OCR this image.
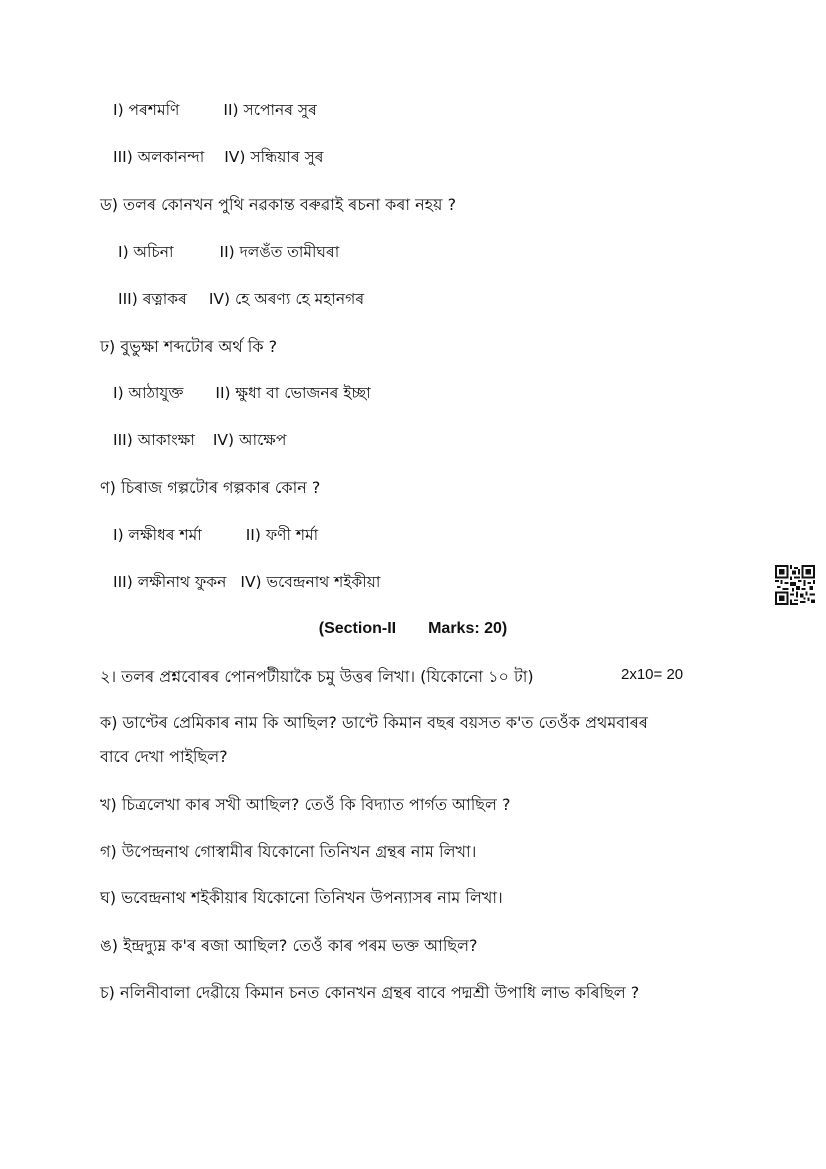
I) পৰশমণি	II) সপোনৰ সুৰ
III) অলকানন্দা IV) সন্ধিয়াৰ সুৰ
ড) তলৰ কোনখন পুথি নৱকান্ত বৰুৱাই ৰচনা কৰা নহয় ?
I) অচিনা	II) দলঙঁত তামীঘৰা
III) ৰত্নাকৰ IV) হে অৰণ্য হে মহানগৰ
ঢ) বুভুক্ষা শব্দটোৰ অৰ্থ কি ?
I) আঠাযুক্ত II) ক্ষুধা বা ভোজনৰ ইচ্ছা
III) আকাংক্ষা IV) আক্ষেপ
ণ) চিৰাজ গল্পটোৰ গল্পকাৰ কোন ?
I) লক্ষীধৰ শৰ্মা	II) ফণী শৰ্মা
III) লক্ষীনাথ ফুকন IV) ভবেন্দ্ৰনাথ শইকীয়া
(Section-II Marks: 20)
২। তলৰ প্ৰশ্নবোৰৰ পোনপটীয়াকৈ চমু উত্তৰ লিখা। (যিকোনো ১০ টা)	2x10= 20
ক) ডাণ্টেৰ প্ৰেমিকাৰ নাম কি আছিল? ডাণ্টে কিমান বছৰ বয়সত ক'ত তেওঁক প্ৰথমবাৰৰ
বাবে দেখা পাইছিল?
খ) চিত্ৰলেখা কাৰ সখী আছিল? তেওঁ কি বিদ্যাত পাৰ্গত আছিল ?
গ) উপেন্দ্ৰনাথ গোস্বামীৰ যিকোনো তিনিখন গ্ৰন্থৰ নাম লিখা।
ঘ) ভবেন্দ্ৰনাথ শইকীয়াৰ যিকোনো তিনিখন উপন্যাসৰ নাম লিখা।
ঙ) ইন্দ্ৰদ্যুম্ন ক'ৰ ৰজা আছিল? তেওঁ কাৰ পৰম ভক্ত আছিল?
চ) নলিনীবালা দেৱীয়ে কিমান চনত কোনখন গ্ৰন্থৰ বাবে পদ্মশ্ৰী উপাধি লাভ কৰিছিল ?
